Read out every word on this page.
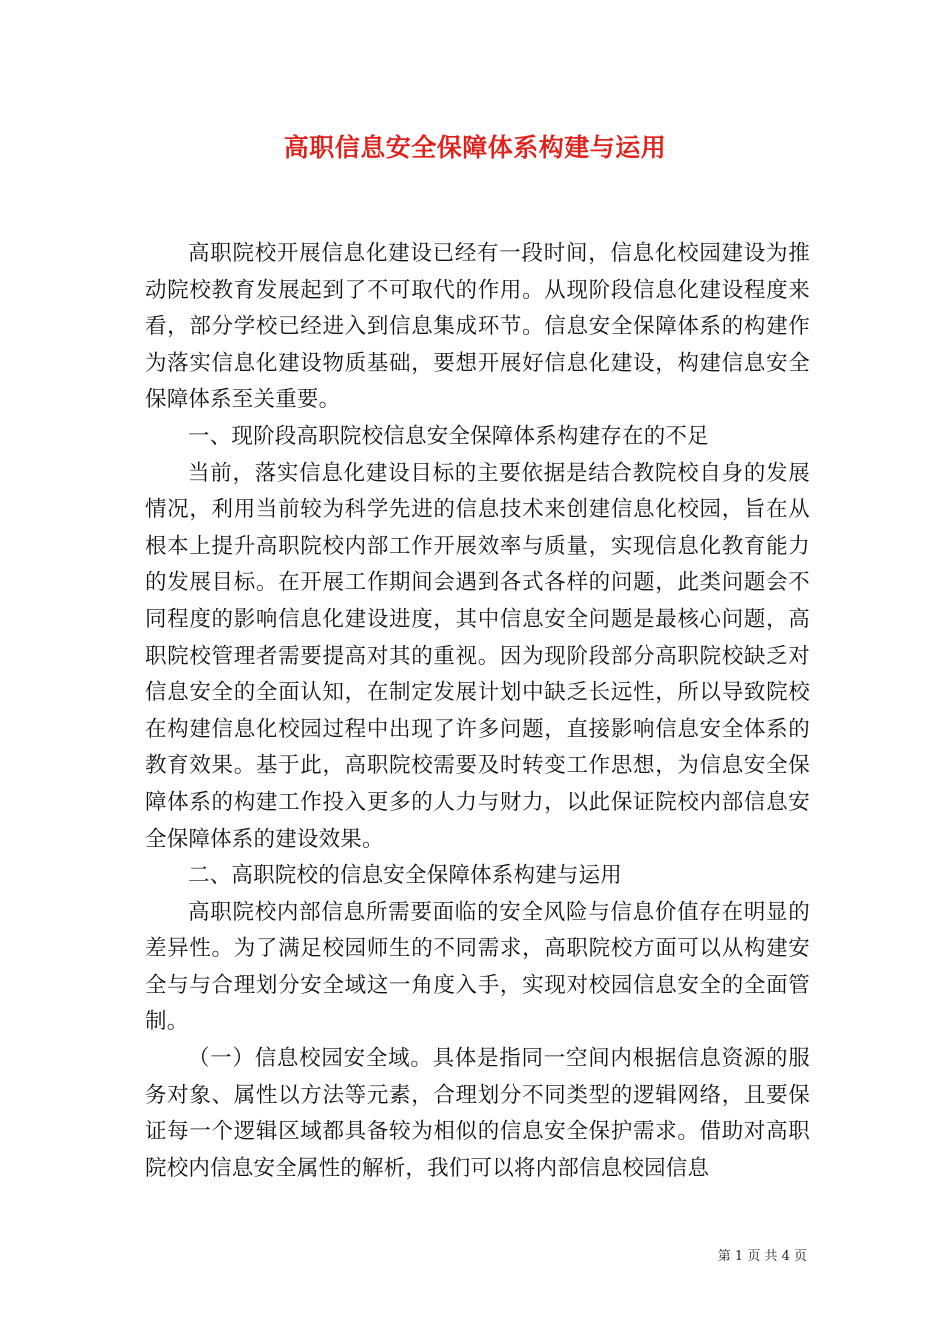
高职信息安全保障体系构建与运用

高职院校开展信息化建设已经有一段时间，信息化校园建设为推动院校教育发展起到了不可取代的作用。从现阶段信息化建设程度来看，部分学校已经进入到信息集成环节。信息安全保障体系的构建作为落实信息化建设物质基础，要想开展好信息化建设，构建信息安全保障体系至关重要。

一、现阶段高职院校信息安全保障体系构建存在的不足

当前，落实信息化建设目标的主要依据是结合教院校自身的发展情况，利用当前较为科学先进的信息技术来创建信息化校园，旨在从根本上提升高职院校内部工作开展效率与质量，实现信息化教育能力的发展目标。在开展工作期间会遇到各式各样的问题，此类问题会不同程度的影响信息化建设进度，其中信息安全问题是最核心问题，高职院校管理者需要提高对其的重视。因为现阶段部分高职院校缺乏对信息安全的全面认知，在制定发展计划中缺乏长远性，所以导致院校在构建信息化校园过程中出现了许多问题，直接影响信息安全体系的教育效果。基于此，高职院校需要及时转变工作思想，为信息安全保障体系的构建工作投入更多的人力与财力，以此保证院校内部信息安全保障体系的建设效果。

二、高职院校的信息安全保障体系构建与运用

高职院校内部信息所需要面临的安全风险与信息价值存在明显的差异性。为了满足校园师生的不同需求，高职院校方面可以从构建安全与与合理划分安全域这一角度入手，实现对校园信息安全的全面管制。

（一）信息校园安全域。具体是指同一空间内根据信息资源的服务对象、属性以方法等元素，合理划分不同类型的逻辑网络，且要保证每一个逻辑区域都具备较为相似的信息安全保护需求。借助对高职院校内信息安全属性的解析，我们可以将内部信息校园信息

第 1 页 共 4 页
